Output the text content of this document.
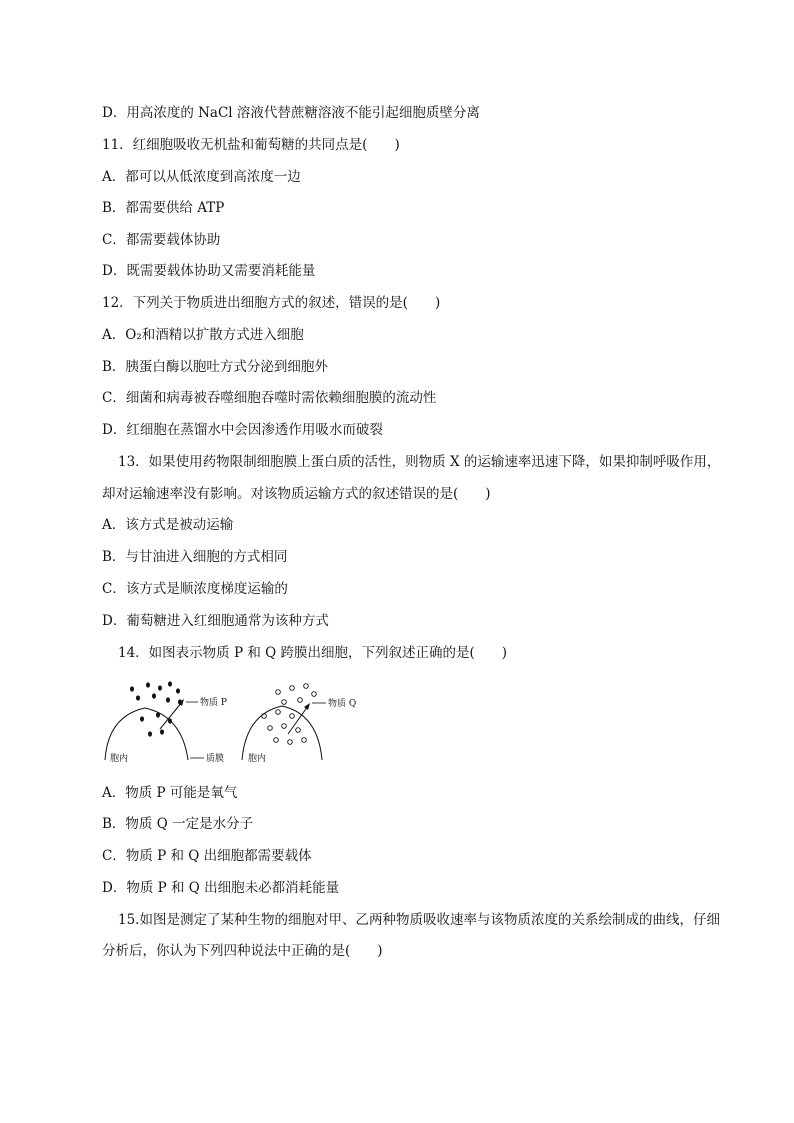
D．用高浓度的 NaCl 溶液代替蔗糖溶液不能引起细胞质壁分离
11．红细胞吸收无机盐和葡萄糖的共同点是(　　)
A．都可以从低浓度到高浓度一边
B．都需要供给 ATP
C．都需要载体协助
D．既需要载体协助又需要消耗能量
12．下列关于物质进出细胞方式的叙述，错误的是(　　)
A．O₂和酒精以扩散方式进入细胞
B．胰蛋白酶以胞吐方式分泌到细胞外
C．细菌和病毒被吞噬细胞吞噬时需依赖细胞膜的流动性
D．红细胞在蒸馏水中会因渗透作用吸水而破裂
13．如果使用药物限制细胞膜上蛋白质的活性，则物质 X 的运输速率迅速下降，如果抑制呼吸作用，
却对运输速率没有影响。对该物质运输方式的叙述错误的是(　　)
A．该方式是被动运输
B．与甘油进入细胞的方式相同
C．该方式是顺浓度梯度运输的
D．葡萄糖进入红细胞通常为该种方式
14．如图表示物质 P 和 Q 跨膜出细胞，下列叙述正确的是(　　)
物质 P	物质 Q
质膜
胞内	胞内
A．物质 P 可能是氧气
B．物质 Q 一定是水分子
C．物质 P 和 Q 出细胞都需要载体
D．物质 P 和 Q 出细胞未必都消耗能量
15.如图是测定了某种生物的细胞对甲、乙两种物质吸收速率与该物质浓度的关系绘制成的曲线，仔细
分析后，你认为下列四种说法中正确的是(　　)
